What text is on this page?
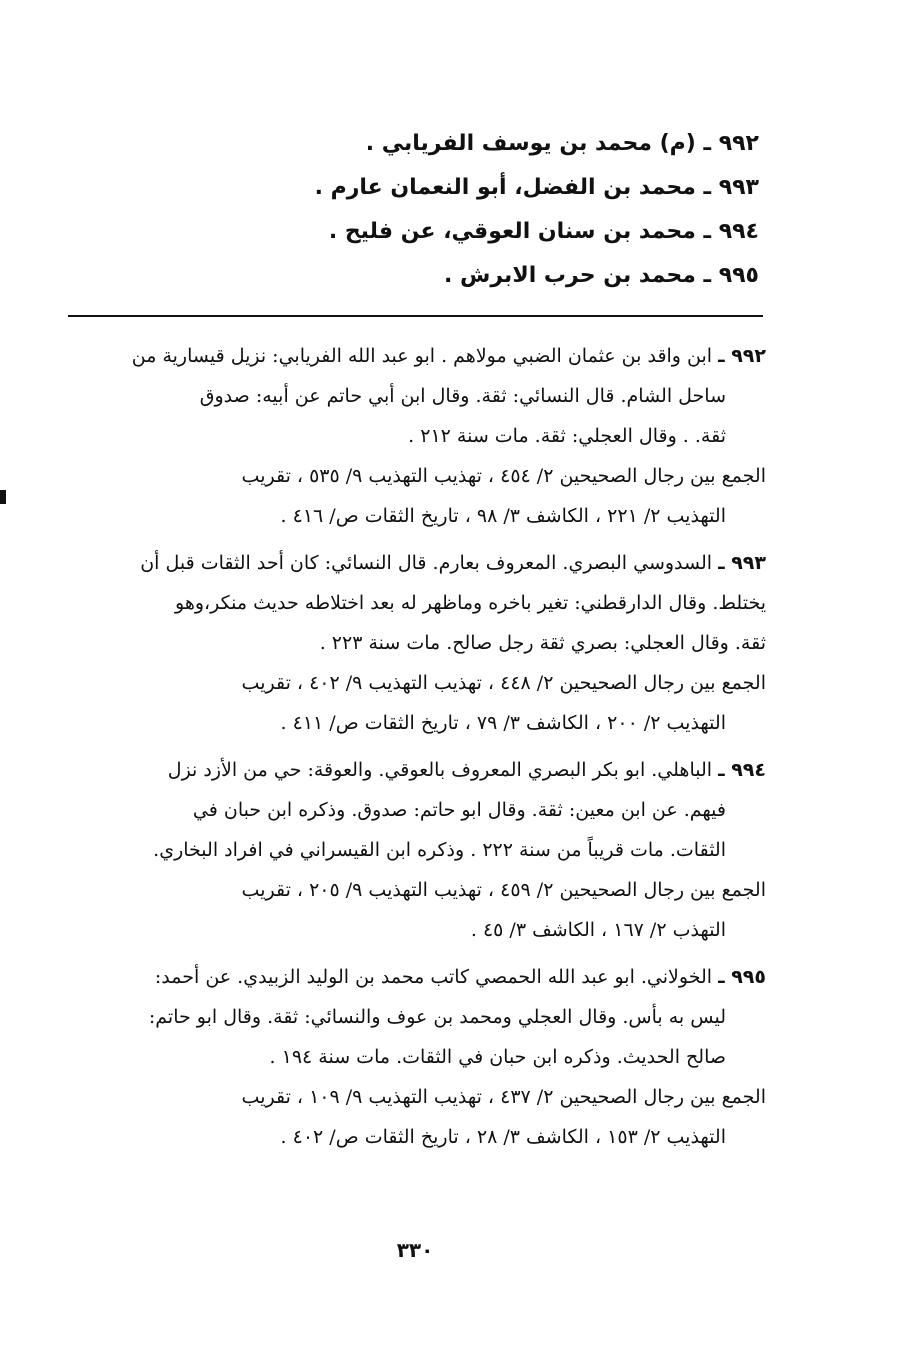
٩٩٢ ـ (م) محمد بن يوسف الفريابي .
٩٩٣ ـ محمد بن الفضل، أبو النعمان عارم .
٩٩٤ ـ محمد بن سنان العوقي، عن فليح .
٩٩٥ ـ محمد بن حرب الابرش .
٩٩٢ ـ ابن واقد بن عثمان الضبي مولاهم . ابو عبد الله الفريابي: نزيل قيسارية من
ساحل الشام. قال النسائي: ثقة. وقال ابن أبي حاتم عن أبيه: صدوق
ثقة. . وقال العجلي: ثقة. مات سنة ٢١٢ .
الجمع بين رجال الصحيحين ٢/ ٤٥٤ ، تهذيب التهذيب ٩/ ٥٣٥ ، تقريب
التهذيب ٢/ ٢٢١ ، الكاشف ٣/ ٩٨ ، تاريخ الثقات ص/ ٤١٦ .
٩٩٣ ـ السدوسي البصري. المعروف بعارم. قال النسائي: كان أحد الثقات قبل أن
يختلط. وقال الدارقطني: تغير باخره وماظهر له بعد اختلاطه حديث منكر،وهو
ثقة. وقال العجلي: بصري ثقة رجل صالح. مات سنة ٢٢٣ .
الجمع بين رجال الصحيحين ٢/ ٤٤٨ ، تهذيب التهذيب ٩/ ٤٠٢ ، تقريب
التهذيب ٢/ ٢٠٠ ، الكاشف ٣/ ٧٩ ، تاريخ الثقات ص/ ٤١١ .
٩٩٤ ـ الباهلي. ابو بكر البصري المعروف بالعوقي. والعوقة: حي من الأزد نزل
فيهم. عن ابن معين: ثقة. وقال ابو حاتم: صدوق. وذكره ابن حبان في
الثقات. مات قريباً من سنة ٢٢٢ . وذكره ابن القيسراني في افراد البخاري.
الجمع بين رجال الصحيحين ٢/ ٤٥٩ ، تهذيب التهذيب ٩/ ٢٠٥ ، تقريب
التهذب ٢/ ١٦٧ ، الكاشف ٣/ ٤٥ .
٩٩٥ ـ الخولاني. ابو عبد الله الحمصي كاتب محمد بن الوليد الزبيدي. عن أحمد:
ليس به بأس. وقال العجلي ومحمد بن عوف والنسائي: ثقة. وقال ابو حاتم:
صالح الحديث. وذكره ابن حبان في الثقات. مات سنة ١٩٤ .
الجمع بين رجال الصحيحين ٢/ ٤٣٧ ، تهذيب التهذيب ٩/ ١٠٩ ، تقريب
التهذيب ٢/ ١٥٣ ، الكاشف ٣/ ٢٨ ، تاريخ الثقات ص/ ٤٠٢ .
٣٣٠
